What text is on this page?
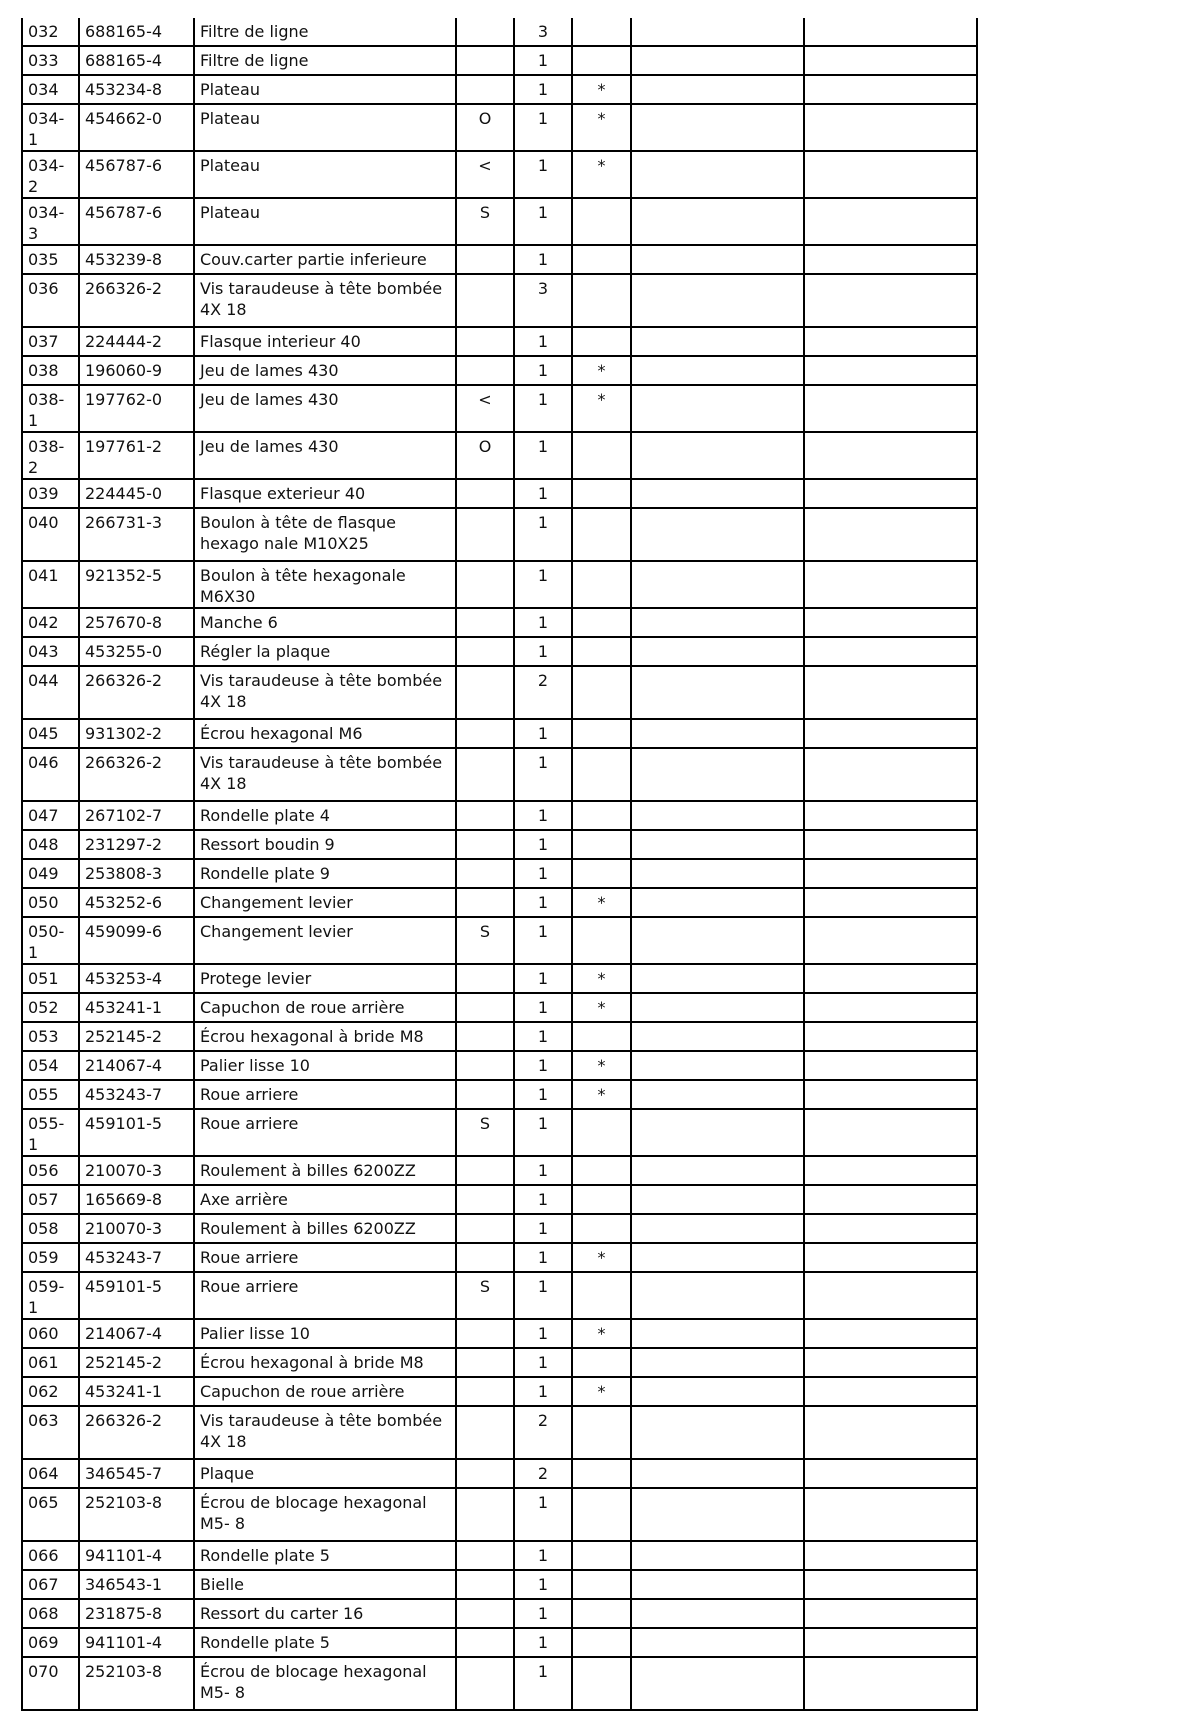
032	688165-4	Filtre de ligne		3			
033	688165-4	Filtre de ligne		1			
034	453234-8	Plateau		1	*		
034-1	454662-0	Plateau	O	1	*		
034-2	456787-6	Plateau	<	1	*		
034-3	456787-6	Plateau	S	1			
035	453239-8	Couv.carter partie inferieure		1			
036	266326-2	Vis taraudeuse à tête bombée 4X 18		3			
037	224444-2	Flasque interieur 40		1			
038	196060-9	Jeu de lames 430		1	*		
038-1	197762-0	Jeu de lames 430	<	1	*		
038-2	197761-2	Jeu de lames 430	O	1			
039	224445-0	Flasque exterieur 40		1			
040	266731-3	Boulon à tête de flasque hexago nale M10X25		1			
041	921352-5	Boulon à tête hexagonale M6X30		1			
042	257670-8	Manche 6		1			
043	453255-0	Régler la plaque		1			
044	266326-2	Vis taraudeuse à tête bombée 4X 18		2			
045	931302-2	Écrou hexagonal M6		1			
046	266326-2	Vis taraudeuse à tête bombée 4X 18		1			
047	267102-7	Rondelle plate 4		1			
048	231297-2	Ressort boudin 9		1			
049	253808-3	Rondelle plate 9		1			
050	453252-6	Changement levier		1	*		
050-1	459099-6	Changement levier	S	1			
051	453253-4	Protege levier		1	*		
052	453241-1	Capuchon de roue arrière		1	*		
053	252145-2	Écrou hexagonal à bride M8		1			
054	214067-4	Palier lisse 10		1	*		
055	453243-7	Roue arriere		1	*		
055-1	459101-5	Roue arriere	S	1			
056	210070-3	Roulement à billes 6200ZZ		1			
057	165669-8	Axe arrière		1			
058	210070-3	Roulement à billes 6200ZZ		1			
059	453243-7	Roue arriere		1	*		
059-1	459101-5	Roue arriere	S	1			
060	214067-4	Palier lisse 10		1	*		
061	252145-2	Écrou hexagonal à bride M8		1			
062	453241-1	Capuchon de roue arrière		1	*		
063	266326-2	Vis taraudeuse à tête bombée 4X 18		2			
064	346545-7	Plaque		2			
065	252103-8	Écrou de blocage hexagonal M5- 8		1			
066	941101-4	Rondelle plate 5		1			
067	346543-1	Bielle		1			
068	231875-8	Ressort du carter 16		1			
069	941101-4	Rondelle plate 5		1			
070	252103-8	Écrou de blocage hexagonal M5- 8		1			
